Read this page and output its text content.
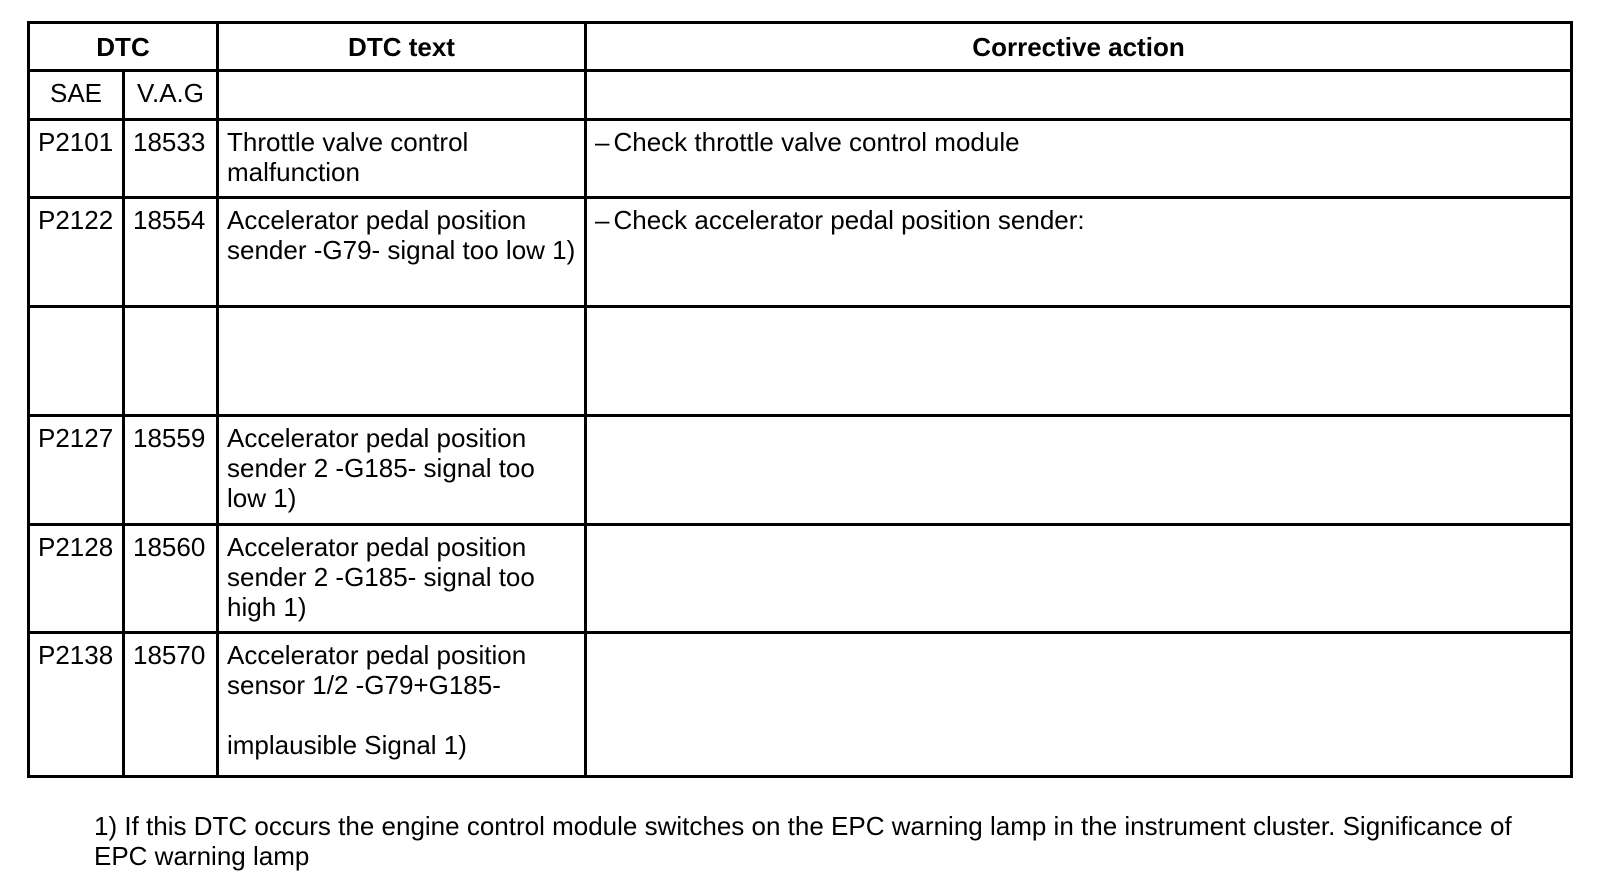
DTC		DTC text	Corrective action
SAE	V.A.G		
P2101	18533	Throttle valve control malfunction	– Check throttle valve control module
P2122	18554	Accelerator pedal position sender -G79- signal too low 1)	– Check accelerator pedal position sender:

P2127	18559	Accelerator pedal position sender 2 -G185- signal too low 1)	
P2128	18560	Accelerator pedal position sender 2 -G185- signal too high 1)	
P2138	18570	Accelerator pedal position sensor 1/2 -G79+G185-
implausible Signal 1)	
1) If this DTC occurs the engine control module switches on the EPC warning lamp in the instrument cluster. Significance of EPC warning lamp
